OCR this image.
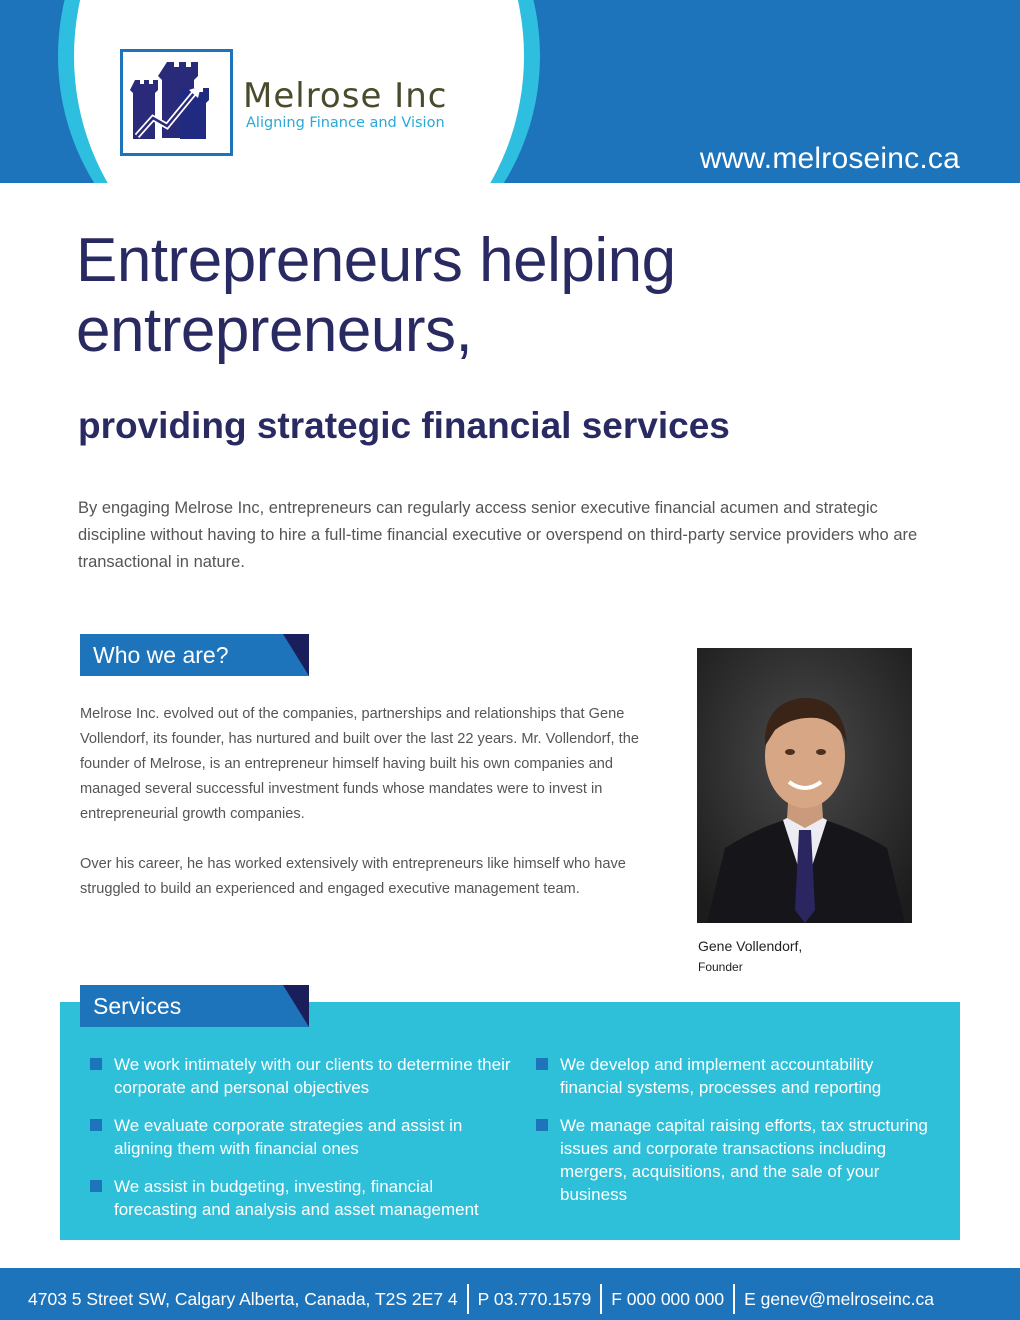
www.melroseinc.ca
Melrose Inc
Aligning Finance and Vision
Entrepreneurs helping
entrepreneurs,
providing strategic financial services

By engaging Melrose Inc, entrepreneurs can regularly access senior executive financial acumen and strategic discipline without having to hire a full-time financial executive or overspend on third-party service providers who are transactional in nature.

Who we are?

Melrose Inc. evolved out of the companies, partnerships and relationships that Gene Vollendorf, its founder, has nurtured and built over the last 22 years. Mr. Vollendorf, the founder of Melrose, is an entrepreneur himself having built his own companies and managed several successful investment funds whose mandates were to invest in entrepreneurial growth companies.

Over his career, he has worked extensively with entrepreneurs like himself who have struggled to build an experienced and engaged executive management team.

Gene Vollendorf,
Founder
Services
We work intimately with our clients to determine their corporate and personal objectives
We evaluate corporate strategies and assist in aligning them with financial ones
We assist in budgeting, investing, financial forecasting and analysis and asset management
We develop and implement accountability financial systems, processes and reporting
We manage capital raising efforts, tax structuring issues and corporate transactions including mergers, acquisitions, and the sale of your business
4703 5 Street SW, Calgary Alberta, Canada, T2S 2E7 4 P 03.770.1579 F 000 000 000 E genev@melroseinc.ca
